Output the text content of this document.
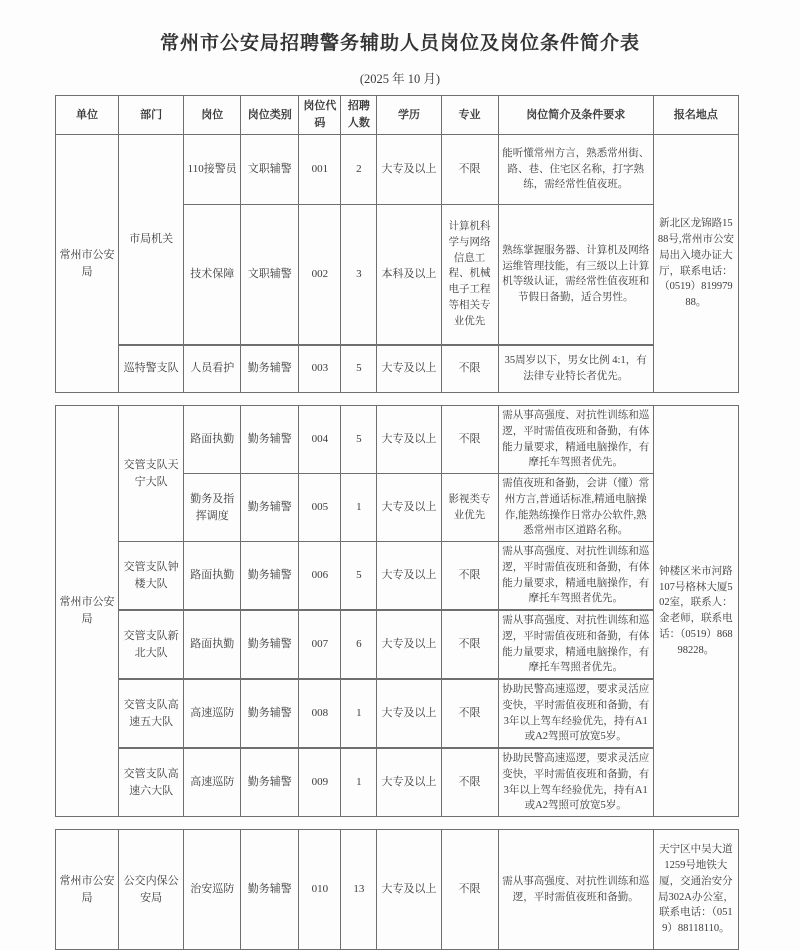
常州市公安局招聘警务辅助人员岗位及岗位条件简介表
(2025 年 10 月)
单位	部门	岗位	岗位类别	岗位代码	招聘人数	学历	专业	岗位简介及条件要求	报名地点
常州市公安局	市局机关	110接警员	文职辅警	001	2	大专及以上	不限	能听懂常州方言，熟悉常州街、路、巷、住宅区名称，打字熟练，需经常性值夜班。	新北区龙锦路1588号,常州市公安局出入境办证大厅，联系电话：（0519）81997988。
		技术保障	文职辅警	002	3	本科及以上	计算机科学与网络信息工程、机械电子工程等相关专业优先	熟练掌握服务器、计算机及网络运维管理技能，有三级以上计算机等级认证，需经常性值夜班和节假日备勤，适合男性。	
	巡特警支队	人员看护	勤务辅警	003	5	大专及以上	不限	35周岁以下，男女比例 4:1，有法律专业特长者优先。	
常州市公安局	交管支队天宁大队	路面执勤	勤务辅警	004	5	大专及以上	不限	需从事高强度、对抗性训练和巡逻，平时需值夜班和备勤，有体能力量要求，精通电脑操作，有摩托车驾照者优先。	钟楼区米市河路107号格林大厦502室，联系人：金老师，联系电话：（0519）86898228。
		勤务及指挥调度	勤务辅警	005	1	大专及以上	影视类专业优先	需值夜班和备勤，会讲（懂）常州方言,普通话标准,精通电脑操作,能熟练操作日常办公软件,熟悉常州市区道路名称。	
	交管支队钟楼大队	路面执勤	勤务辅警	006	5	大专及以上	不限	需从事高强度、对抗性训练和巡逻，平时需值夜班和备勤，有体能力量要求，精通电脑操作，有摩托车驾照者优先。	
	交管支队新北大队	路面执勤	勤务辅警	007	6	大专及以上	不限	需从事高强度、对抗性训练和巡逻，平时需值夜班和备勤，有体能力量要求，精通电脑操作，有摩托车驾照者优先。	
	交管支队高速五大队	高速巡防	勤务辅警	008	1	大专及以上	不限	协助民警高速巡逻，要求灵活应变快，平时需值夜班和备勤，有3年以上驾车经验优先，持有A1或A2驾照可放宽5岁。	
	交管支队高速六大队	高速巡防	勤务辅警	009	1	大专及以上	不限	协助民警高速巡逻，要求灵活应变快，平时需值夜班和备勤，有3年以上驾车经验优先，持有A1或A2驾照可放宽5岁。	
常州市公安局	公交内保公安局	治安巡防	勤务辅警	010	13	大专及以上	不限	需从事高强度、对抗性训练和巡逻，平时需值夜班和备勤。	天宁区中吴大道1259号地铁大厦，交通治安分局302A办公室，联系电话：（0519）88118110。
